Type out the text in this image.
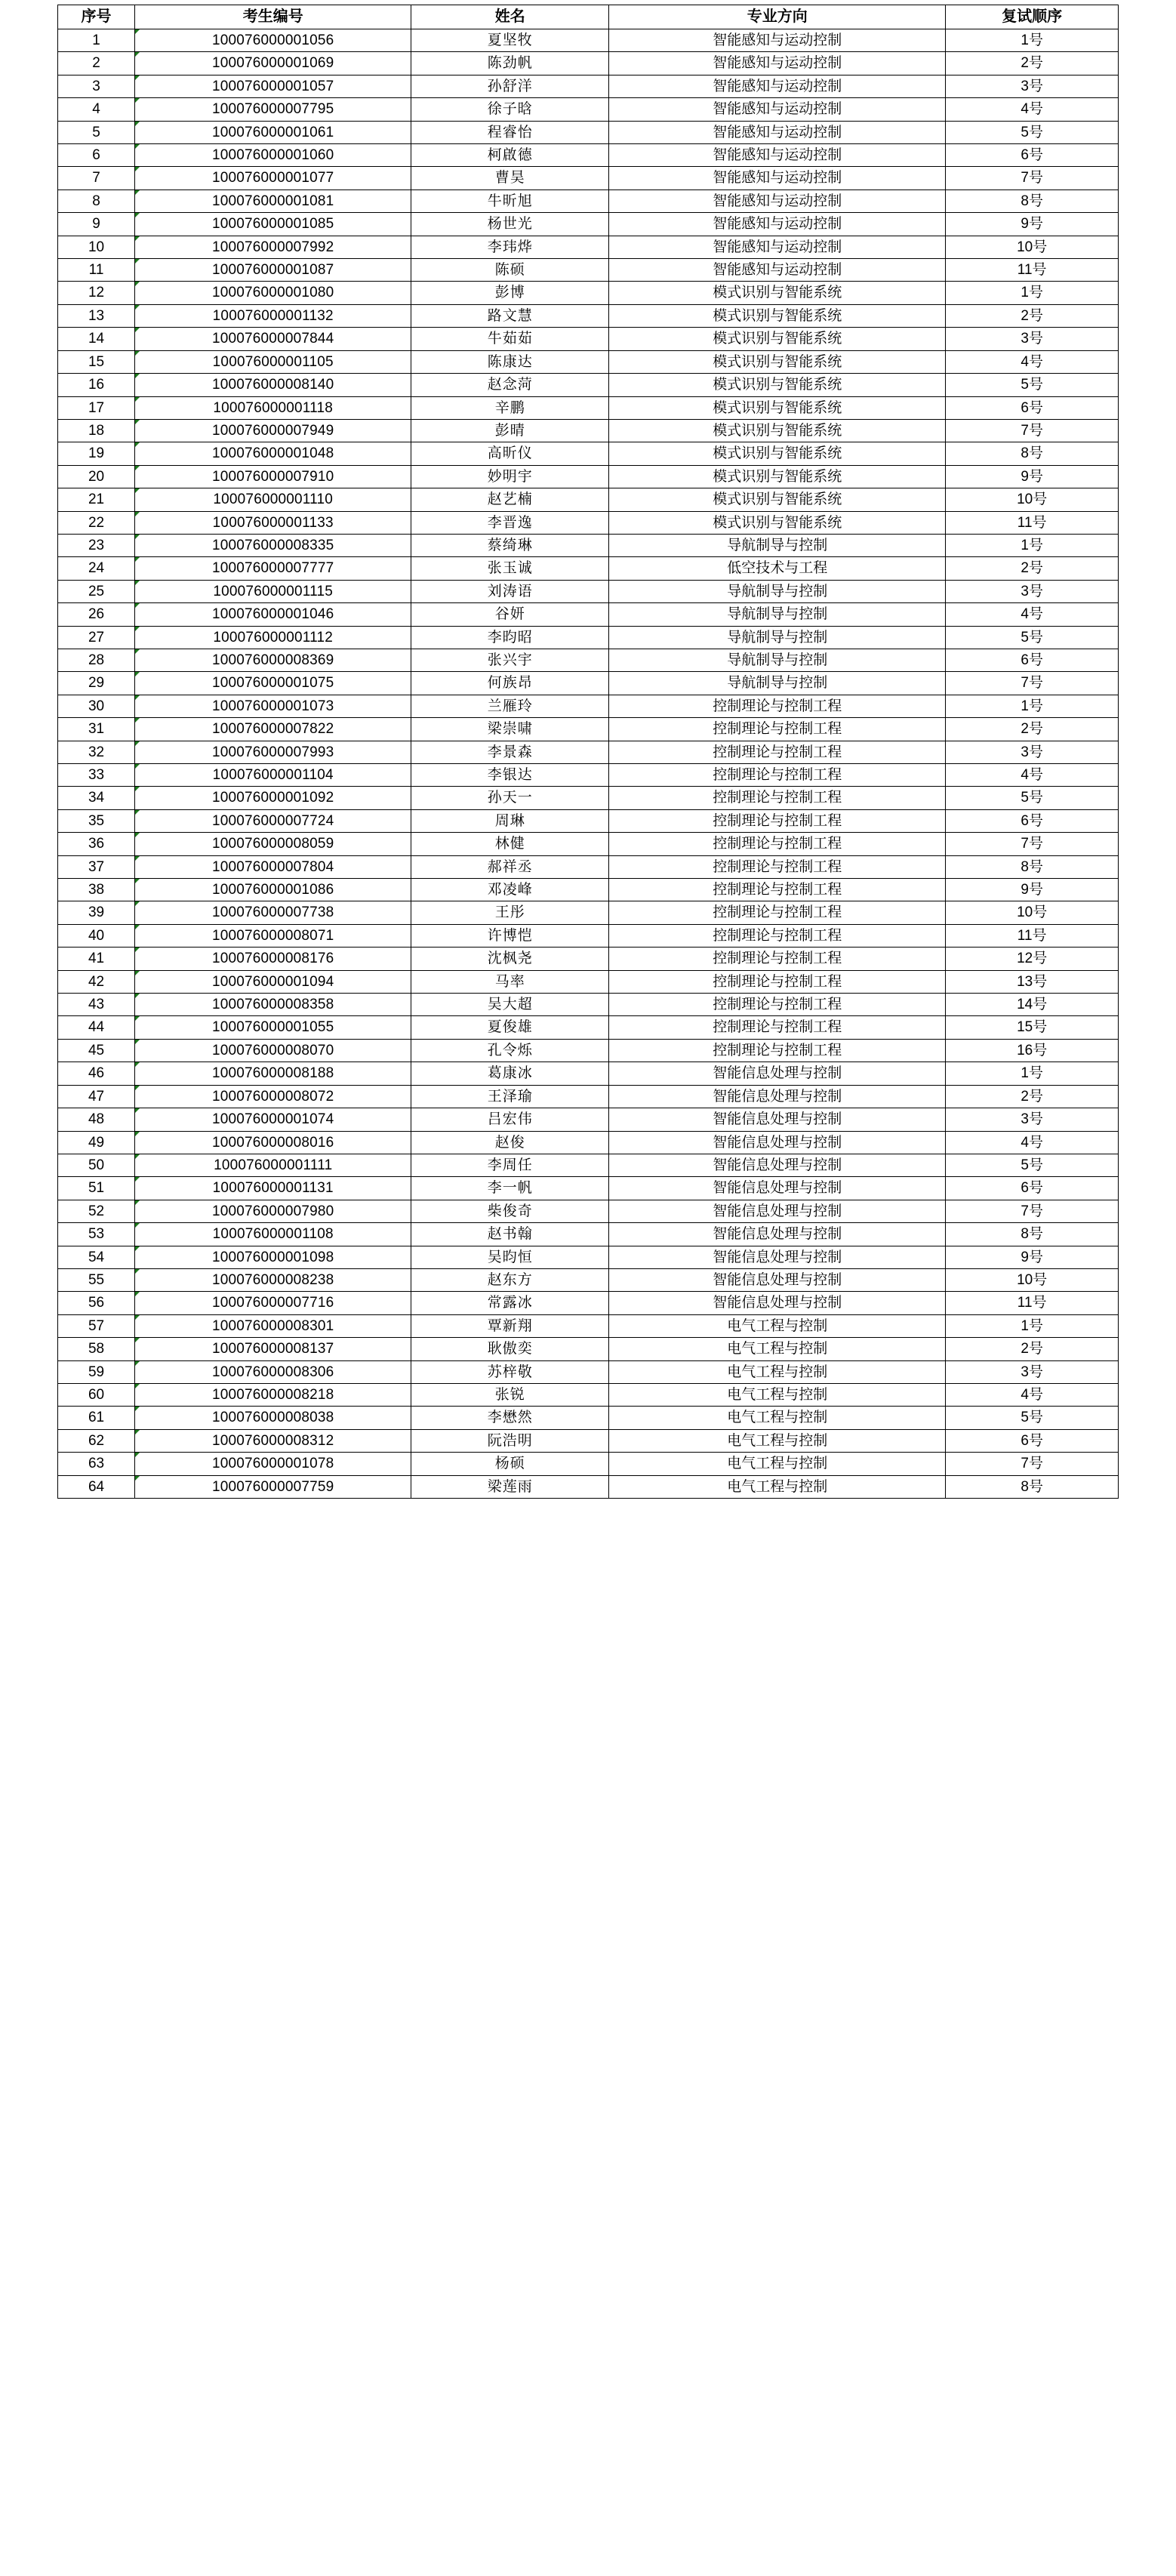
序号	考生编号	姓名	专业方向	复试顺序
1	100076000001056	夏坚牧	智能感知与运动控制	1号
2	100076000001069	陈劲帆	智能感知与运动控制	2号
3	100076000001057	孙舒洋	智能感知与运动控制	3号
4	100076000007795	徐子晗	智能感知与运动控制	4号
5	100076000001061	程睿怡	智能感知与运动控制	5号
6	100076000001060	柯啟德	智能感知与运动控制	6号
7	100076000001077	曹昊	智能感知与运动控制	7号
8	100076000001081	牛昕旭	智能感知与运动控制	8号
9	100076000001085	杨世光	智能感知与运动控制	9号
10	100076000007992	李玮烨	智能感知与运动控制	10号
11	100076000001087	陈硕	智能感知与运动控制	11号
12	100076000001080	彭博	模式识别与智能系统	1号
13	100076000001132	路文慧	模式识别与智能系统	2号
14	100076000007844	牛茹茹	模式识别与智能系统	3号
15	100076000001105	陈康达	模式识别与智能系统	4号
16	100076000008140	赵念菏	模式识别与智能系统	5号
17	100076000001118	辛鹏	模式识别与智能系统	6号
18	100076000007949	彭晴	模式识别与智能系统	7号
19	100076000001048	高昕仪	模式识别与智能系统	8号
20	100076000007910	妙明宇	模式识别与智能系统	9号
21	100076000001110	赵艺楠	模式识别与智能系统	10号
22	100076000001133	李晋逸	模式识别与智能系统	11号
23	100076000008335	蔡绮琳	导航制导与控制	1号
24	100076000007777	张玉诚	低空技术与工程	2号
25	100076000001115	刘涛语	导航制导与控制	3号
26	100076000001046	谷妍	导航制导与控制	4号
27	100076000001112	李昀昭	导航制导与控制	5号
28	100076000008369	张兴宇	导航制导与控制	6号
29	100076000001075	何族昂	导航制导与控制	7号
30	100076000001073	兰雁玲	控制理论与控制工程	1号
31	100076000007822	梁崇啸	控制理论与控制工程	2号
32	100076000007993	李景森	控制理论与控制工程	3号
33	100076000001104	李银达	控制理论与控制工程	4号
34	100076000001092	孙天一	控制理论与控制工程	5号
35	100076000007724	周琳	控制理论与控制工程	6号
36	100076000008059	林健	控制理论与控制工程	7号
37	100076000007804	郝祥丞	控制理论与控制工程	8号
38	100076000001086	邓凌峰	控制理论与控制工程	9号
39	100076000007738	王彤	控制理论与控制工程	10号
40	100076000008071	许博恺	控制理论与控制工程	11号
41	100076000008176	沈枫尧	控制理论与控制工程	12号
42	100076000001094	马率	控制理论与控制工程	13号
43	100076000008358	吴大超	控制理论与控制工程	14号
44	100076000001055	夏俊雄	控制理论与控制工程	15号
45	100076000008070	孔令烁	控制理论与控制工程	16号
46	100076000008188	葛康冰	智能信息处理与控制	1号
47	100076000008072	王泽瑜	智能信息处理与控制	2号
48	100076000001074	吕宏伟	智能信息处理与控制	3号
49	100076000008016	赵俊	智能信息处理与控制	4号
50	100076000001111	李周任	智能信息处理与控制	5号
51	100076000001131	李一帆	智能信息处理与控制	6号
52	100076000007980	柴俊奇	智能信息处理与控制	7号
53	100076000001108	赵书翰	智能信息处理与控制	8号
54	100076000001098	吴昀恒	智能信息处理与控制	9号
55	100076000008238	赵东方	智能信息处理与控制	10号
56	100076000007716	常露冰	智能信息处理与控制	11号
57	100076000008301	覃新翔	电气工程与控制	1号
58	100076000008137	耿傲奕	电气工程与控制	2号
59	100076000008306	苏梓敬	电气工程与控制	3号
60	100076000008218	张锐	电气工程与控制	4号
61	100076000008038	李懋然	电气工程与控制	5号
62	100076000008312	阮浩明	电气工程与控制	6号
63	100076000001078	杨硕	电气工程与控制	7号
64	100076000007759	梁莲雨	电气工程与控制	8号
